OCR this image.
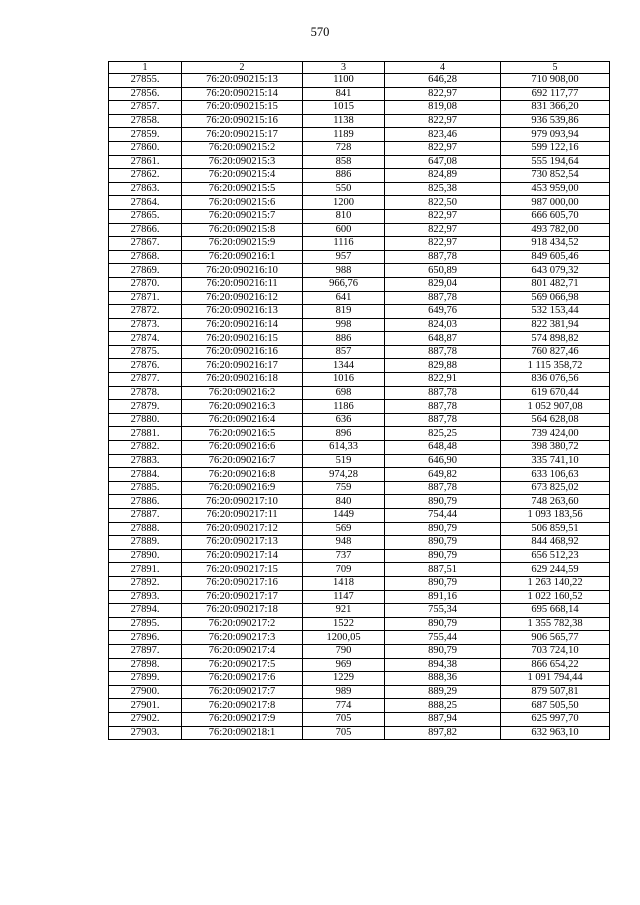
570
1	2	3	4	5
27855.	76:20:090215:13	1100	646,28	710 908,00
27856.	76:20:090215:14	841	822,97	692 117,77
27857.	76:20:090215:15	1015	819,08	831 366,20
27858.	76:20:090215:16	1138	822,97	936 539,86
27859.	76:20:090215:17	1189	823,46	979 093,94
27860.	76:20:090215:2	728	822,97	599 122,16
27861.	76:20:090215:3	858	647,08	555 194,64
27862.	76:20:090215:4	886	824,89	730 852,54
27863.	76:20:090215:5	550	825,38	453 959,00
27864.	76:20:090215:6	1200	822,50	987 000,00
27865.	76:20:090215:7	810	822,97	666 605,70
27866.	76:20:090215:8	600	822,97	493 782,00
27867.	76:20:090215:9	1116	822,97	918 434,52
27868.	76:20:090216:1	957	887,78	849 605,46
27869.	76:20:090216:10	988	650,89	643 079,32
27870.	76:20:090216:11	966,76	829,04	801 482,71
27871.	76:20:090216:12	641	887,78	569 066,98
27872.	76:20:090216:13	819	649,76	532 153,44
27873.	76:20:090216:14	998	824,03	822 381,94
27874.	76:20:090216:15	886	648,87	574 898,82
27875.	76:20:090216:16	857	887,78	760 827,46
27876.	76:20:090216:17	1344	829,88	1 115 358,72
27877.	76:20:090216:18	1016	822,91	836 076,56
27878.	76:20:090216:2	698	887,78	619 670,44
27879.	76:20:090216:3	1186	887,78	1 052 907,08
27880.	76:20:090216:4	636	887,78	564 628,08
27881.	76:20:090216:5	896	825,25	739 424,00
27882.	76:20:090216:6	614,33	648,48	398 380,72
27883.	76:20:090216:7	519	646,90	335 741,10
27884.	76:20:090216:8	974,28	649,82	633 106,63
27885.	76:20:090216:9	759	887,78	673 825,02
27886.	76:20:090217:10	840	890,79	748 263,60
27887.	76:20:090217:11	1449	754,44	1 093 183,56
27888.	76:20:090217:12	569	890,79	506 859,51
27889.	76:20:090217:13	948	890,79	844 468,92
27890.	76:20:090217:14	737	890,79	656 512,23
27891.	76:20:090217:15	709	887,51	629 244,59
27892.	76:20:090217:16	1418	890,79	1 263 140,22
27893.	76:20:090217:17	1147	891,16	1 022 160,52
27894.	76:20:090217:18	921	755,34	695 668,14
27895.	76:20:090217:2	1522	890,79	1 355 782,38
27896.	76:20:090217:3	1200,05	755,44	906 565,77
27897.	76:20:090217:4	790	890,79	703 724,10
27898.	76:20:090217:5	969	894,38	866 654,22
27899.	76:20:090217:6	1229	888,36	1 091 794,44
27900.	76:20:090217:7	989	889,29	879 507,81
27901.	76:20:090217:8	774	888,25	687 505,50
27902.	76:20:090217:9	705	887,94	625 997,70
27903.	76:20:090218:1	705	897,82	632 963,10
